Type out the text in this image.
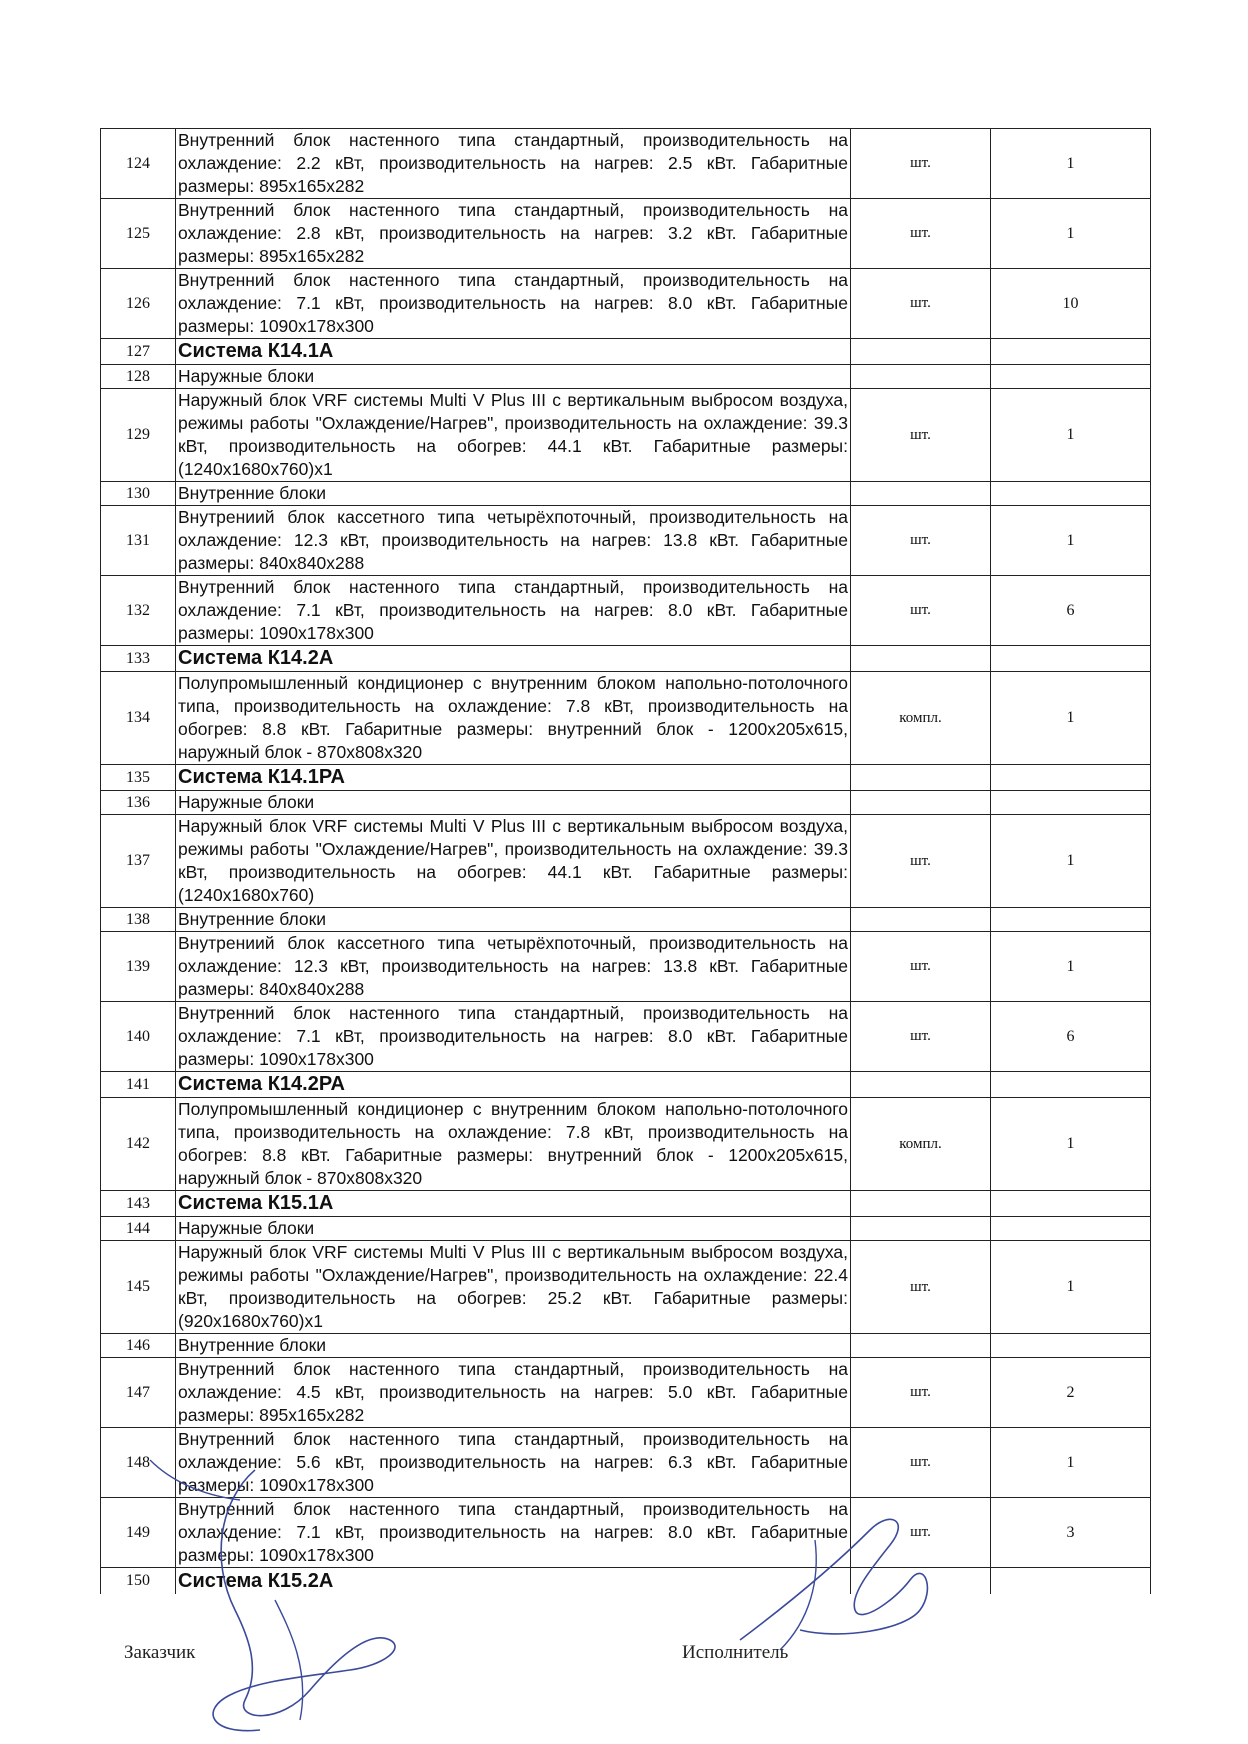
124	Внутренний блок настенного типа стандартный, производительность на охлаждение: 2.2 кВт, производительность на нагрев: 2.5 кВт. Габаритные размеры: 895х165х282	шт.	1
125	Внутренний блок настенного типа стандартный, производительность на охлаждение: 2.8 кВт, производительность на нагрев: 3.2 кВт. Габаритные размеры: 895х165х282	шт.	1
126	Внутренний блок настенного типа стандартный, производительность на охлаждение: 7.1 кВт, производительность на нагрев: 8.0 кВт. Габаритные размеры: 1090х178х300	шт.	10
127	Система К14.1А		
128	Наружные блоки		
129	Наружный блок VRF системы Multi V Plus III с вертикальным выбросом воздуха, режимы работы "Охлаждение/Нагрев", производительность на охлаждение: 39.3 кВт, производительность на обогрев: 44.1 кВт. Габаритные размеры: (1240х1680х760)х1	шт.	1
130	Внутренние блоки		
131	Внутрениий блок кассетного типа четырёхпоточный, производительность на охлаждение: 12.3 кВт, производительность на нагрев: 13.8 кВт. Габаритные размеры: 840х840х288	шт.	1
132	Внутренний блок настенного типа стандартный, производительность на охлаждение: 7.1 кВт, производительность на нагрев: 8.0 кВт. Габаритные размеры: 1090х178х300	шт.	6
133	Система К14.2А		
134	Полупромышленный кондиционер с внутренним блоком напольно-потолочного типа, производительность на охлаждение: 7.8 кВт, производительность на обогрев: 8.8 кВт. Габаритные размеры: внутренний блок - 1200х205х615, наружный блок - 870х808х320	компл.	1
135	Система К14.1РА		
136	Наружные блоки		
137	Наружный блок VRF системы Multi V Plus III с вертикальным выбросом воздуха, режимы работы "Охлаждение/Нагрев", производительность на охлаждение: 39.3 кВт, производительность на обогрев: 44.1 кВт. Габаритные размеры: (1240х1680х760)	шт.	1
138	Внутренние блоки		
139	Внутрениий блок кассетного типа четырёхпоточный, производительность на охлаждение: 12.3 кВт, производительность на нагрев: 13.8 кВт. Габаритные размеры: 840х840х288	шт.	1
140	Внутренний блок настенного типа стандартный, производительность на охлаждение: 7.1 кВт, производительность на нагрев: 8.0 кВт. Габаритные размеры: 1090х178х300	шт.	6
141	Система К14.2РА		
142	Полупромышленный кондиционер с внутренним блоком напольно-потолочного типа, производительность на охлаждение: 7.8 кВт, производительность на обогрев: 8.8 кВт. Габаритные размеры: внутренний блок - 1200х205х615, наружный блок - 870х808х320	компл.	1
143	Система К15.1А		
144	Наружные блоки		
145	Наружный блок VRF системы Multi V Plus III с вертикальным выбросом воздуха, режимы работы "Охлаждение/Нагрев", производительность на охлаждение: 22.4 кВт, производительность на обогрев: 25.2 кВт. Габаритные размеры: (920х1680х760)х1	шт.	1
146	Внутренние блоки		
147	Внутренний блок настенного типа стандартный, производительность на охлаждение: 4.5 кВт, производительность на нагрев: 5.0 кВт. Габаритные размеры: 895х165х282	шт.	2
148	Внутренний блок настенного типа стандартный, производительность на охлаждение: 5.6 кВт, производительность на нагрев: 6.3 кВт. Габаритные размеры: 1090х178х300	шт.	1
149	Внутренний блок настенного типа стандартный, производительность на охлаждение: 7.1 кВт, производительность на нагрев: 8.0 кВт. Габаритные размеры: 1090х178х300	шт.	3
150	Система К15.2А		
Заказчик	Исполнитель
